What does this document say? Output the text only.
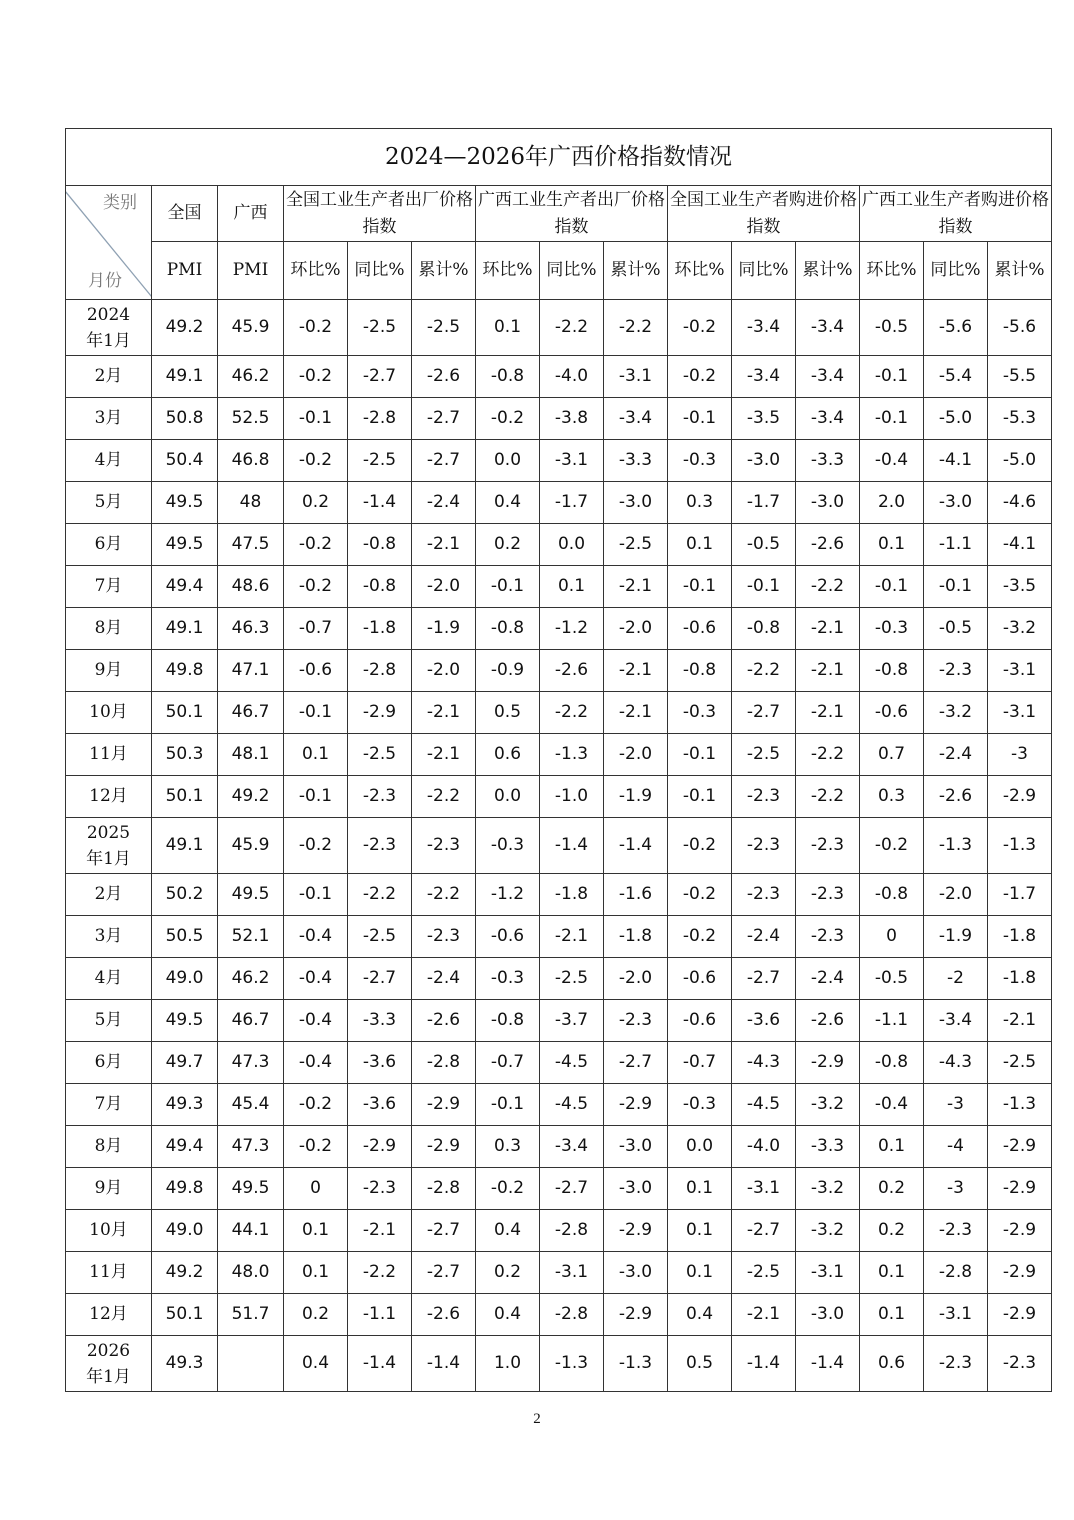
2024—2026年广西价格指数情况														

类别
月份	全国	广西	全国工业生产者出厂价格指数			广西工业生产者出厂价格指数			全国工业生产者购进价格指数			广西工业生产者购进价格指数		
	PMI	PMI	环比%	同比%	累计%	环比%	同比%	累计%	环比%	同比%	累计%	环比%	同比%	累计%
2024年1月	49.2	45.9	-0.2	-2.5	-2.5	0.1	-2.2	-2.2	-0.2	-3.4	-3.4	-0.5	-5.6	-5.6
2月	49.1	46.2	-0.2	-2.7	-2.6	-0.8	-4.0	-3.1	-0.2	-3.4	-3.4	-0.1	-5.4	-5.5
3月	50.8	52.5	-0.1	-2.8	-2.7	-0.2	-3.8	-3.4	-0.1	-3.5	-3.4	-0.1	-5.0	-5.3
4月	50.4	46.8	-0.2	-2.5	-2.7	0.0	-3.1	-3.3	-0.3	-3.0	-3.3	-0.4	-4.1	-5.0
5月	49.5	48	0.2	-1.4	-2.4	0.4	-1.7	-3.0	0.3	-1.7	-3.0	2.0	-3.0	-4.6
6月	49.5	47.5	-0.2	-0.8	-2.1	0.2	0.0	-2.5	0.1	-0.5	-2.6	0.1	-1.1	-4.1
7月	49.4	48.6	-0.2	-0.8	-2.0	-0.1	0.1	-2.1	-0.1	-0.1	-2.2	-0.1	-0.1	-3.5
8月	49.1	46.3	-0.7	-1.8	-1.9	-0.8	-1.2	-2.0	-0.6	-0.8	-2.1	-0.3	-0.5	-3.2
9月	49.8	47.1	-0.6	-2.8	-2.0	-0.9	-2.6	-2.1	-0.8	-2.2	-2.1	-0.8	-2.3	-3.1
10月	50.1	46.7	-0.1	-2.9	-2.1	0.5	-2.2	-2.1	-0.3	-2.7	-2.1	-0.6	-3.2	-3.1
11月	50.3	48.1	0.1	-2.5	-2.1	0.6	-1.3	-2.0	-0.1	-2.5	-2.2	0.7	-2.4	-3
12月	50.1	49.2	-0.1	-2.3	-2.2	0.0	-1.0	-1.9	-0.1	-2.3	-2.2	0.3	-2.6	-2.9
2025年1月	49.1	45.9	-0.2	-2.3	-2.3	-0.3	-1.4	-1.4	-0.2	-2.3	-2.3	-0.2	-1.3	-1.3
2月	50.2	49.5	-0.1	-2.2	-2.2	-1.2	-1.8	-1.6	-0.2	-2.3	-2.3	-0.8	-2.0	-1.7
3月	50.5	52.1	-0.4	-2.5	-2.3	-0.6	-2.1	-1.8	-0.2	-2.4	-2.3	0	-1.9	-1.8
4月	49.0	46.2	-0.4	-2.7	-2.4	-0.3	-2.5	-2.0	-0.6	-2.7	-2.4	-0.5	-2	-1.8
5月	49.5	46.7	-0.4	-3.3	-2.6	-0.8	-3.7	-2.3	-0.6	-3.6	-2.6	-1.1	-3.4	-2.1
6月	49.7	47.3	-0.4	-3.6	-2.8	-0.7	-4.5	-2.7	-0.7	-4.3	-2.9	-0.8	-4.3	-2.5
7月	49.3	45.4	-0.2	-3.6	-2.9	-0.1	-4.5	-2.9	-0.3	-4.5	-3.2	-0.4	-3	-1.3
8月	49.4	47.3	-0.2	-2.9	-2.9	0.3	-3.4	-3.0	0.0	-4.0	-3.3	0.1	-4	-2.9
9月	49.8	49.5	0	-2.3	-2.8	-0.2	-2.7	-3.0	0.1	-3.1	-3.2	0.2	-3	-2.9
10月	49.0	44.1	0.1	-2.1	-2.7	0.4	-2.8	-2.9	0.1	-2.7	-3.2	0.2	-2.3	-2.9
11月	49.2	48.0	0.1	-2.2	-2.7	0.2	-3.1	-3.0	0.1	-2.5	-3.1	0.1	-2.8	-2.9
12月	50.1	51.7	0.2	-1.1	-2.6	0.4	-2.8	-2.9	0.4	-2.1	-3.0	0.1	-3.1	-2.9
2026年1月	49.3		0.4	-1.4	-1.4	1.0	-1.3	-1.3	0.5	-1.4	-1.4	0.6	-2.3	-2.3
2
